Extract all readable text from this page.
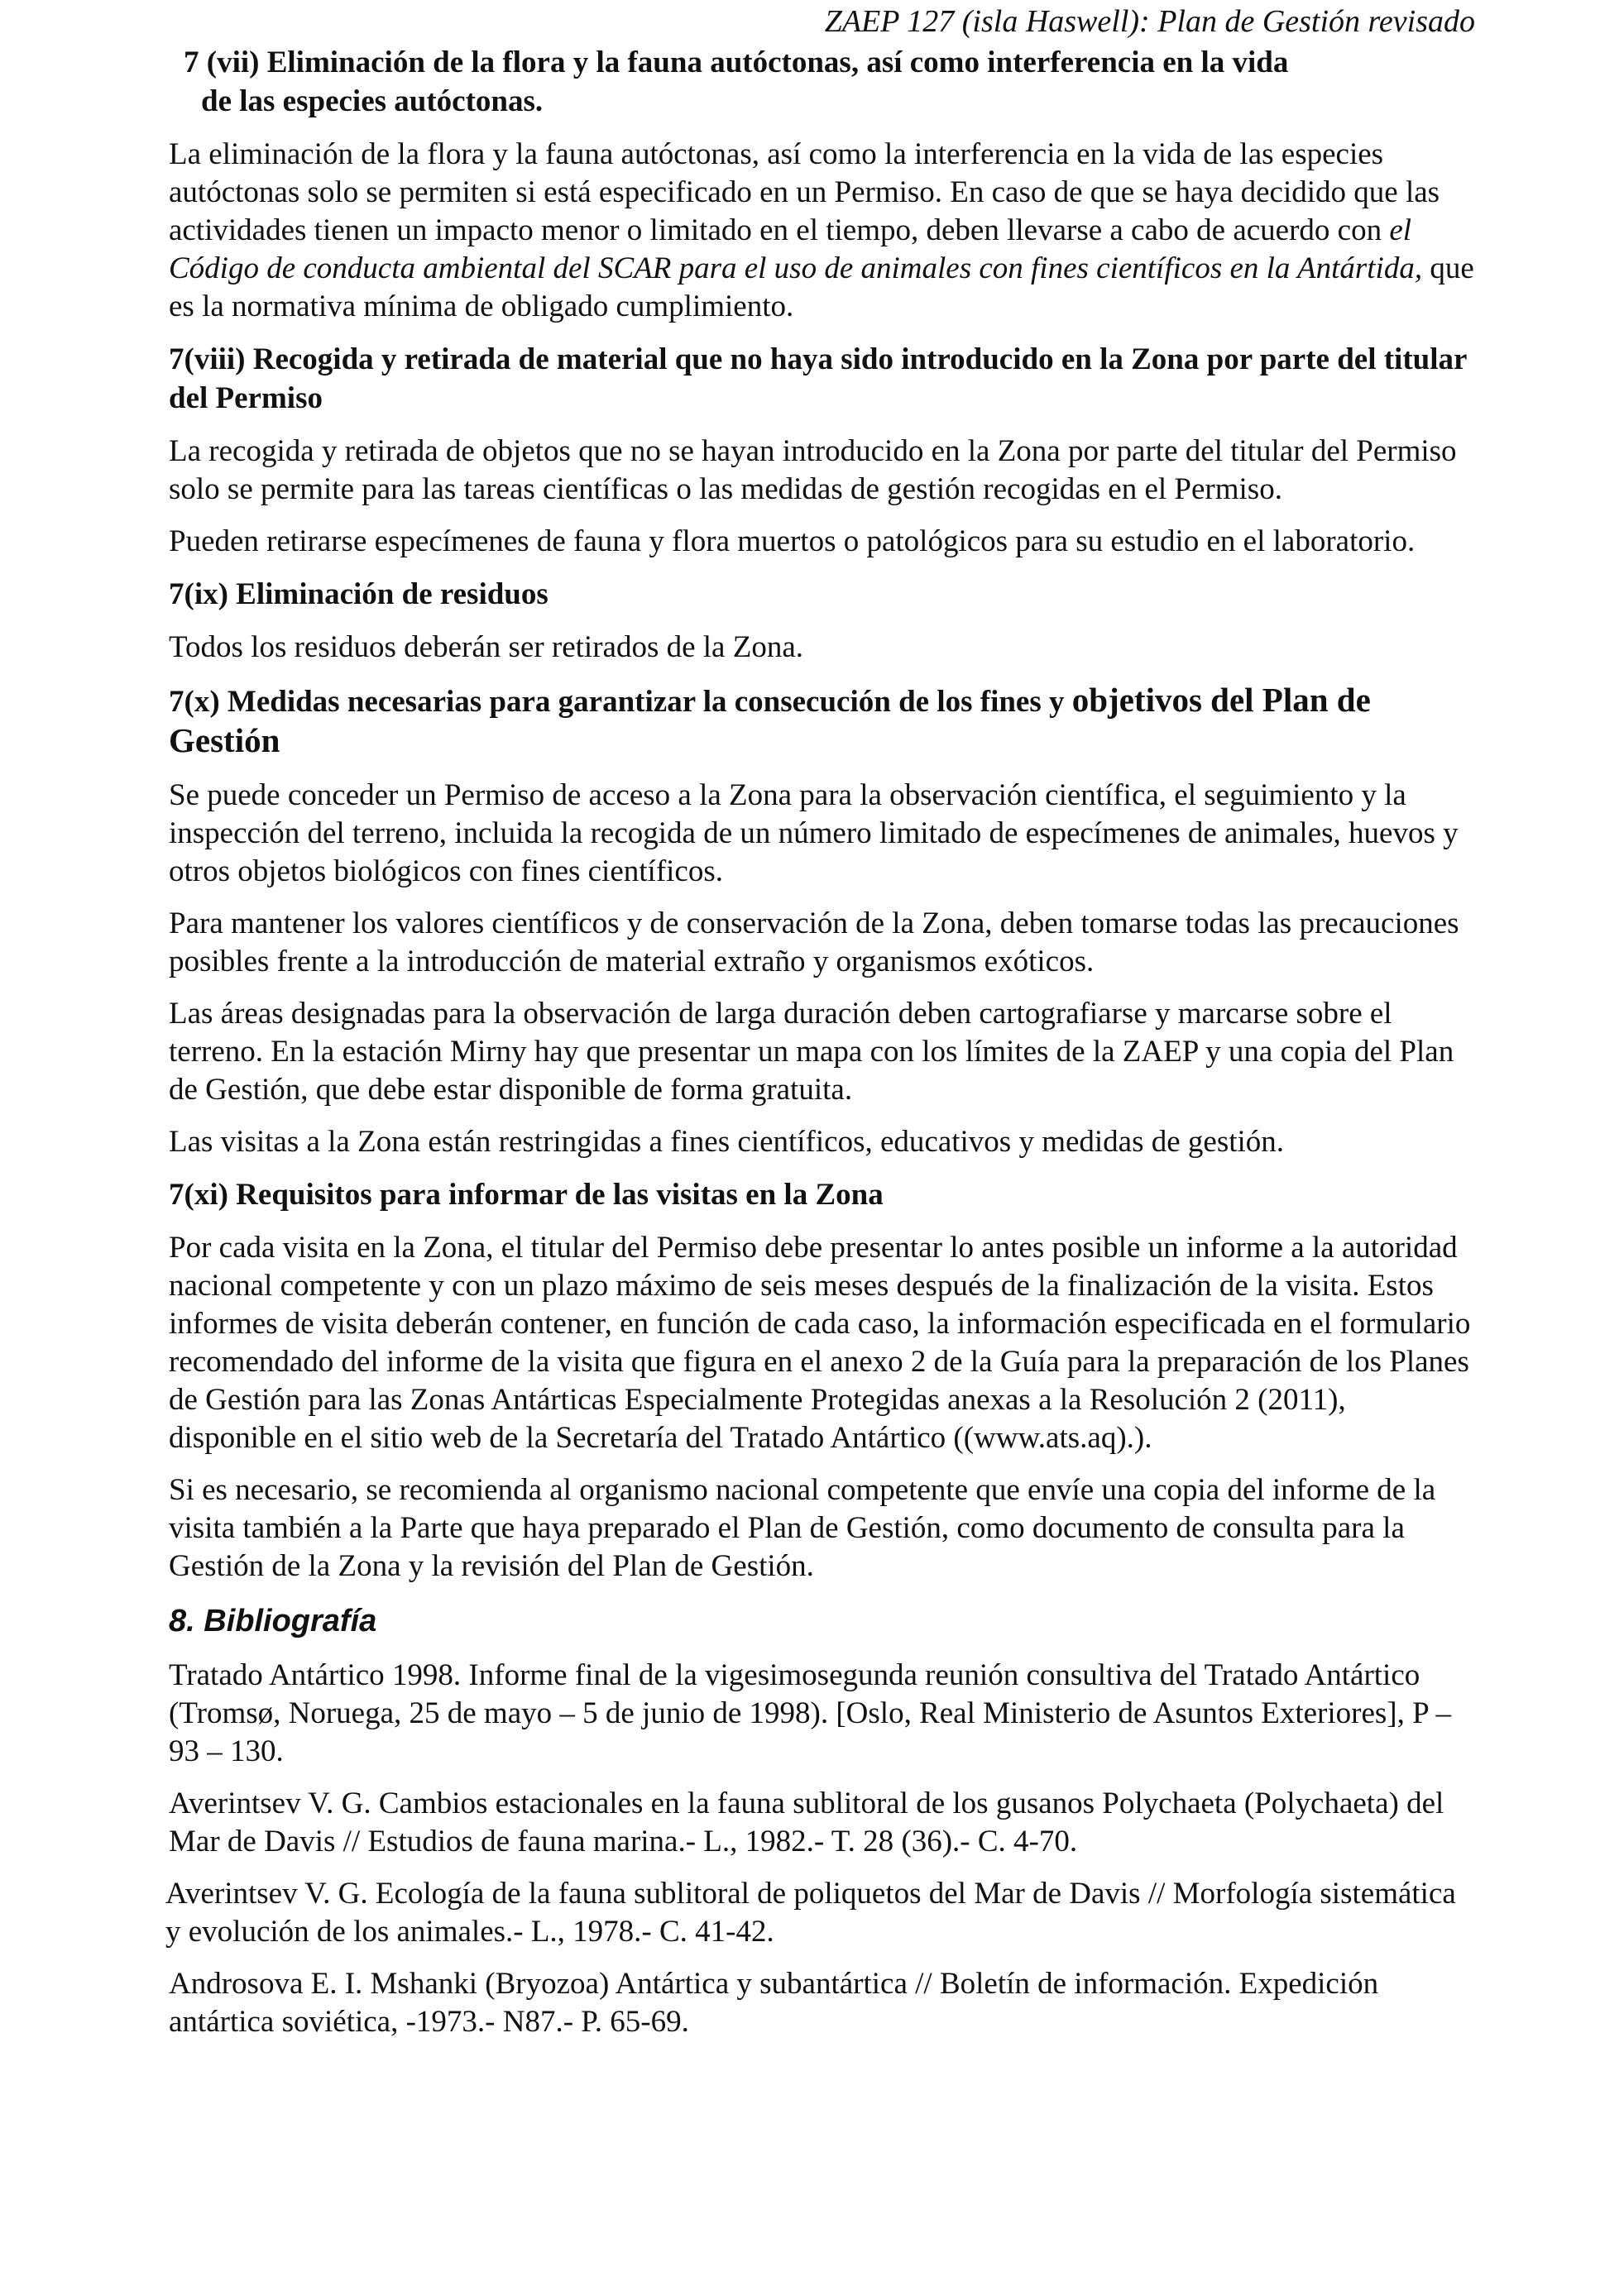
ZAEP 127 (isla Haswell): Plan de Gestión revisado
7 (vii) Eliminación de la flora y la fauna autóctonas, así como interferencia en la vida
de las especies autóctonas.

La eliminación de la flora y la fauna autóctonas, así como la interferencia en la vida de las especies autóctonas solo se permiten si está especificado en un Permiso. En caso de que se haya decidido que las actividades tienen un impacto menor o limitado en el tiempo, deben llevarse a cabo de acuerdo con el Código de conducta ambiental del SCAR para el uso de animales con fines científicos en la Antártida, que es la normativa mínima de obligado cumplimiento.

7(viii) Recogida y retirada de material que no haya sido introducido en la Zona por parte del titular del Permiso

La recogida y retirada de objetos que no se hayan introducido en la Zona por parte del titular del Permiso solo se permite para las tareas científicas o las medidas de gestión recogidas en el Permiso.

Pueden retirarse especímenes de fauna y flora muertos o patológicos para su estudio en el laboratorio.

7(ix) Eliminación de residuos

Todos los residuos deberán ser retirados de la Zona.

7(x) Medidas necesarias para garantizar la consecución de los fines y objetivos del Plan de Gestión

Se puede conceder un Permiso de acceso a la Zona para la observación científica, el seguimiento y la inspección del terreno, incluida la recogida de un número limitado de especímenes de animales, huevos y otros objetos biológicos con fines científicos.

Para mantener los valores científicos y de conservación de la Zona, deben tomarse todas las precauciones posibles frente a la introducción de material extraño y organismos exóticos.

Las áreas designadas para la observación de larga duración deben cartografiarse y marcarse sobre el terreno. En la estación Mirny hay que presentar un mapa con los límites de la ZAEP y una copia del Plan de Gestión, que debe estar disponible de forma gratuita.

Las visitas a la Zona están restringidas a fines científicos, educativos y medidas de gestión.

7(xi) Requisitos para informar de las visitas en la Zona

Por cada visita en la Zona, el titular del Permiso debe presentar lo antes posible un informe a la autoridad nacional competente y con un plazo máximo de seis meses después de la finalización de la visita. Estos informes de visita deberán contener, en función de cada caso, la información especificada en el formulario recomendado del informe de la visita que figura en el anexo 2 de la Guía para la preparación de los Planes de Gestión para las Zonas Antárticas Especialmente Protegidas anexas a la Resolución 2 (2011), disponible en el sitio web de la Secretaría del Tratado Antártico ((www.ats.aq).).

Si es necesario, se recomienda al organismo nacional competente que envíe una copia del informe de la visita también a la Parte que haya preparado el Plan de Gestión, como documento de consulta para la Gestión de la Zona y la revisión del Plan de Gestión.

8. Bibliografía

Tratado Antártico 1998. Informe final de la vigesimosegunda reunión consultiva del Tratado Antártico (Tromsø, Noruega, 25 de mayo – 5 de junio de 1998). [Oslo, Real Ministerio de Asuntos Exteriores], P – 93 – 130.

Averintsev V. G. Cambios estacionales en la fauna sublitoral de los gusanos Polychaeta (Polychaeta) del Mar de Davis // Estudios de fauna marina.- L., 1982.- T. 28 (36).- C. 4-70.

Averintsev V. G. Ecología de la fauna sublitoral de poliquetos del Mar de Davis // Morfología sistemática y evolución de los animales.- L., 1978.- C. 41-42.

Androsova E. I. Mshanki (Bryozoa) Antártica y subantártica // Boletín de información. Expedición antártica soviética, -1973.- N87.- P. 65-69.
